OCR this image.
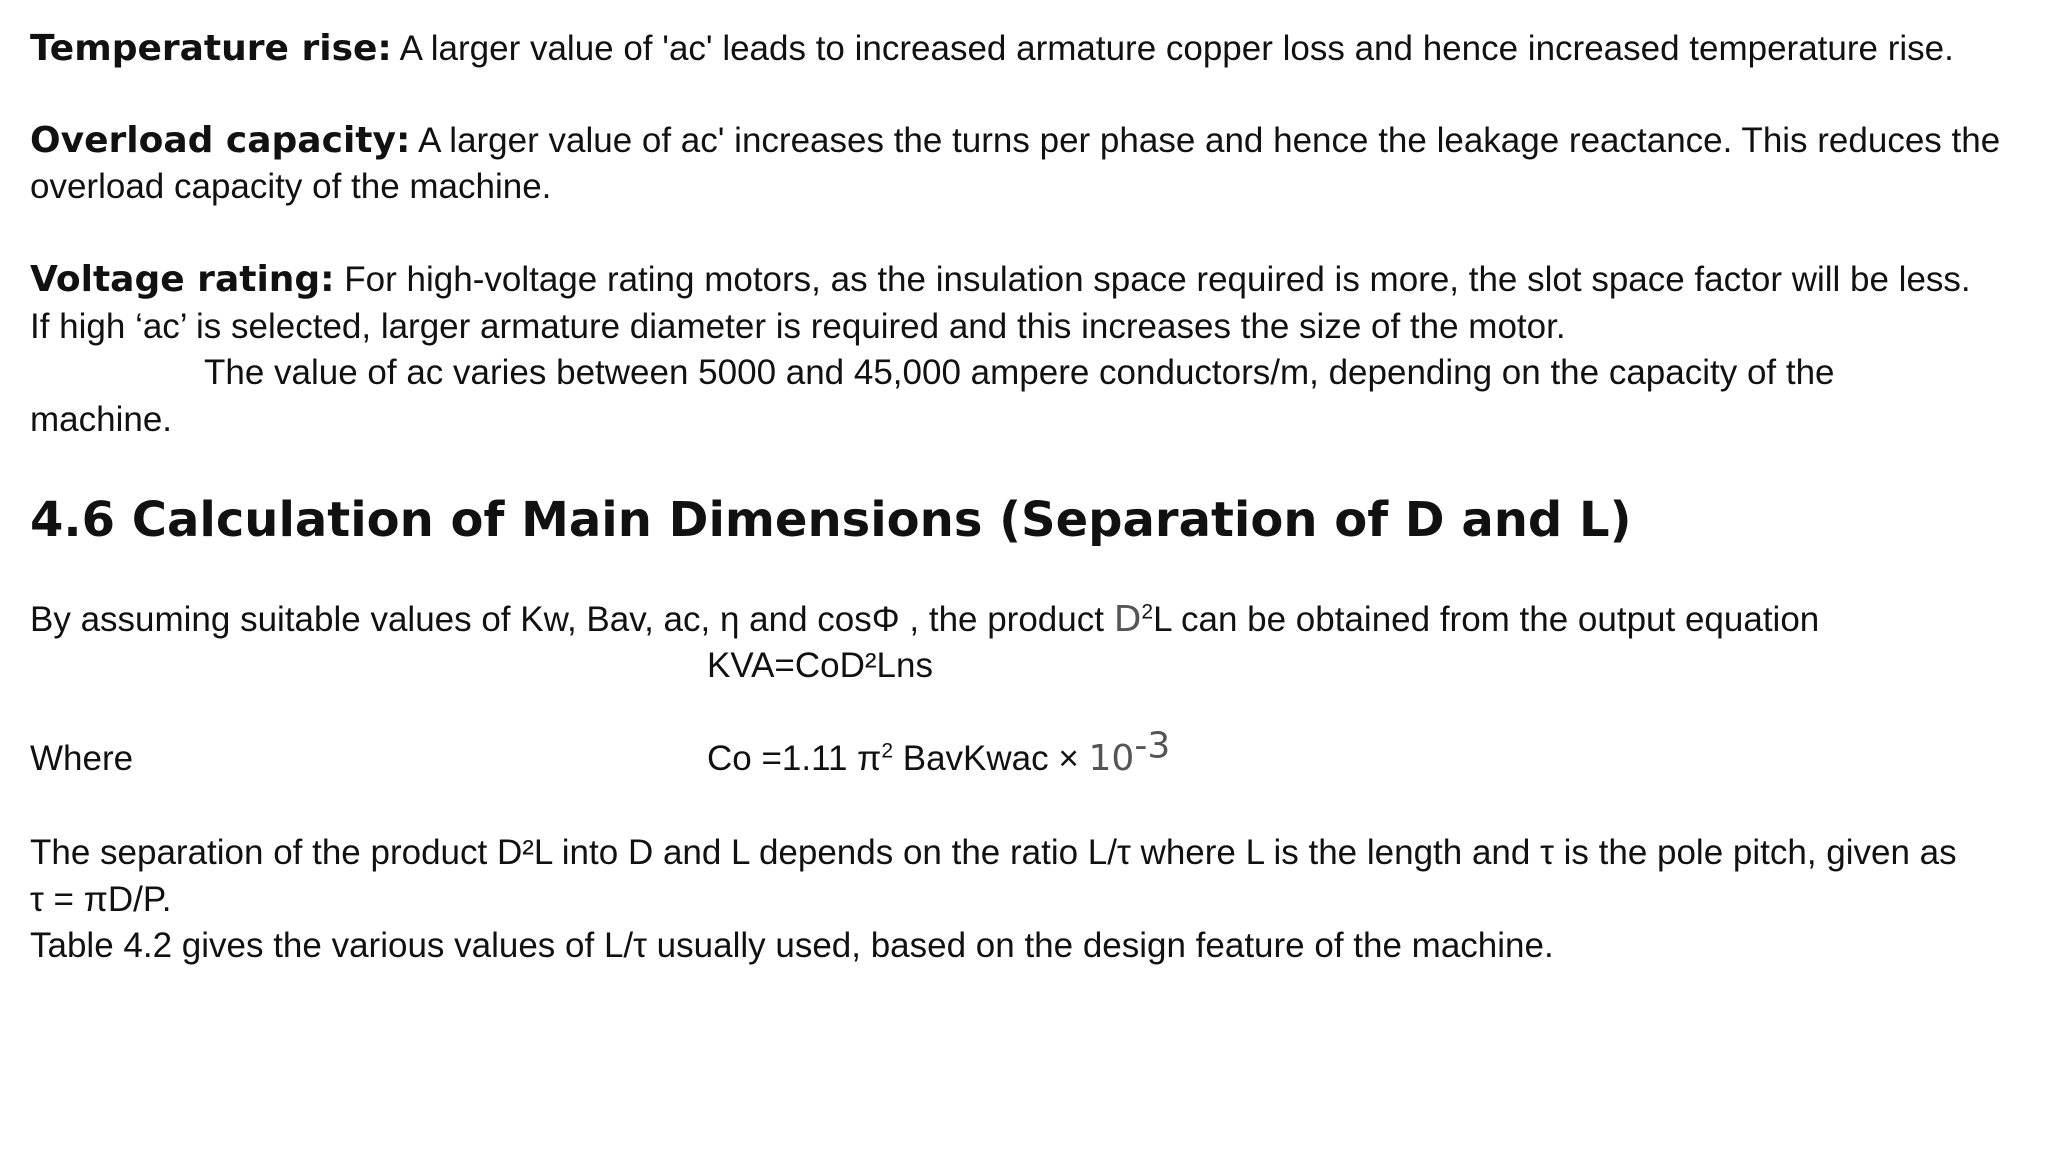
Temperature rise: A larger value of 'ac' leads to increased armature copper loss and hence increased temperature rise.
Overload capacity: A larger value of ac' increases the turns per phase and hence the leakage reactance. This reduces the
overload capacity of the machine.
Voltage rating: For high-voltage rating motors, as the insulation space required is more, the slot space factor will be less.
If high ‘ac’ is selected, larger armature diameter is required and this increases the size of the motor.
The value of ac varies between 5000 and 45,000 ampere conductors/m, depending on the capacity of the
machine.
4.6 Calculation of Main Dimensions (Separation of D and L)
By assuming suitable values of Kw, Bav, ac, η and cosΦ , the product $D^2L$ can be obtained from the output equation
KVA=CoD²Lns
Where	Co =1.11 $\pi^2$ BavKwac × $10^{-3}$
The separation of the product D²L into D and L depends on the ratio L/τ where L is the length and τ is the pole pitch, given as
τ = πD/P.
Table 4.2 gives the various values of L/τ usually used, based on the design feature of the machine.
